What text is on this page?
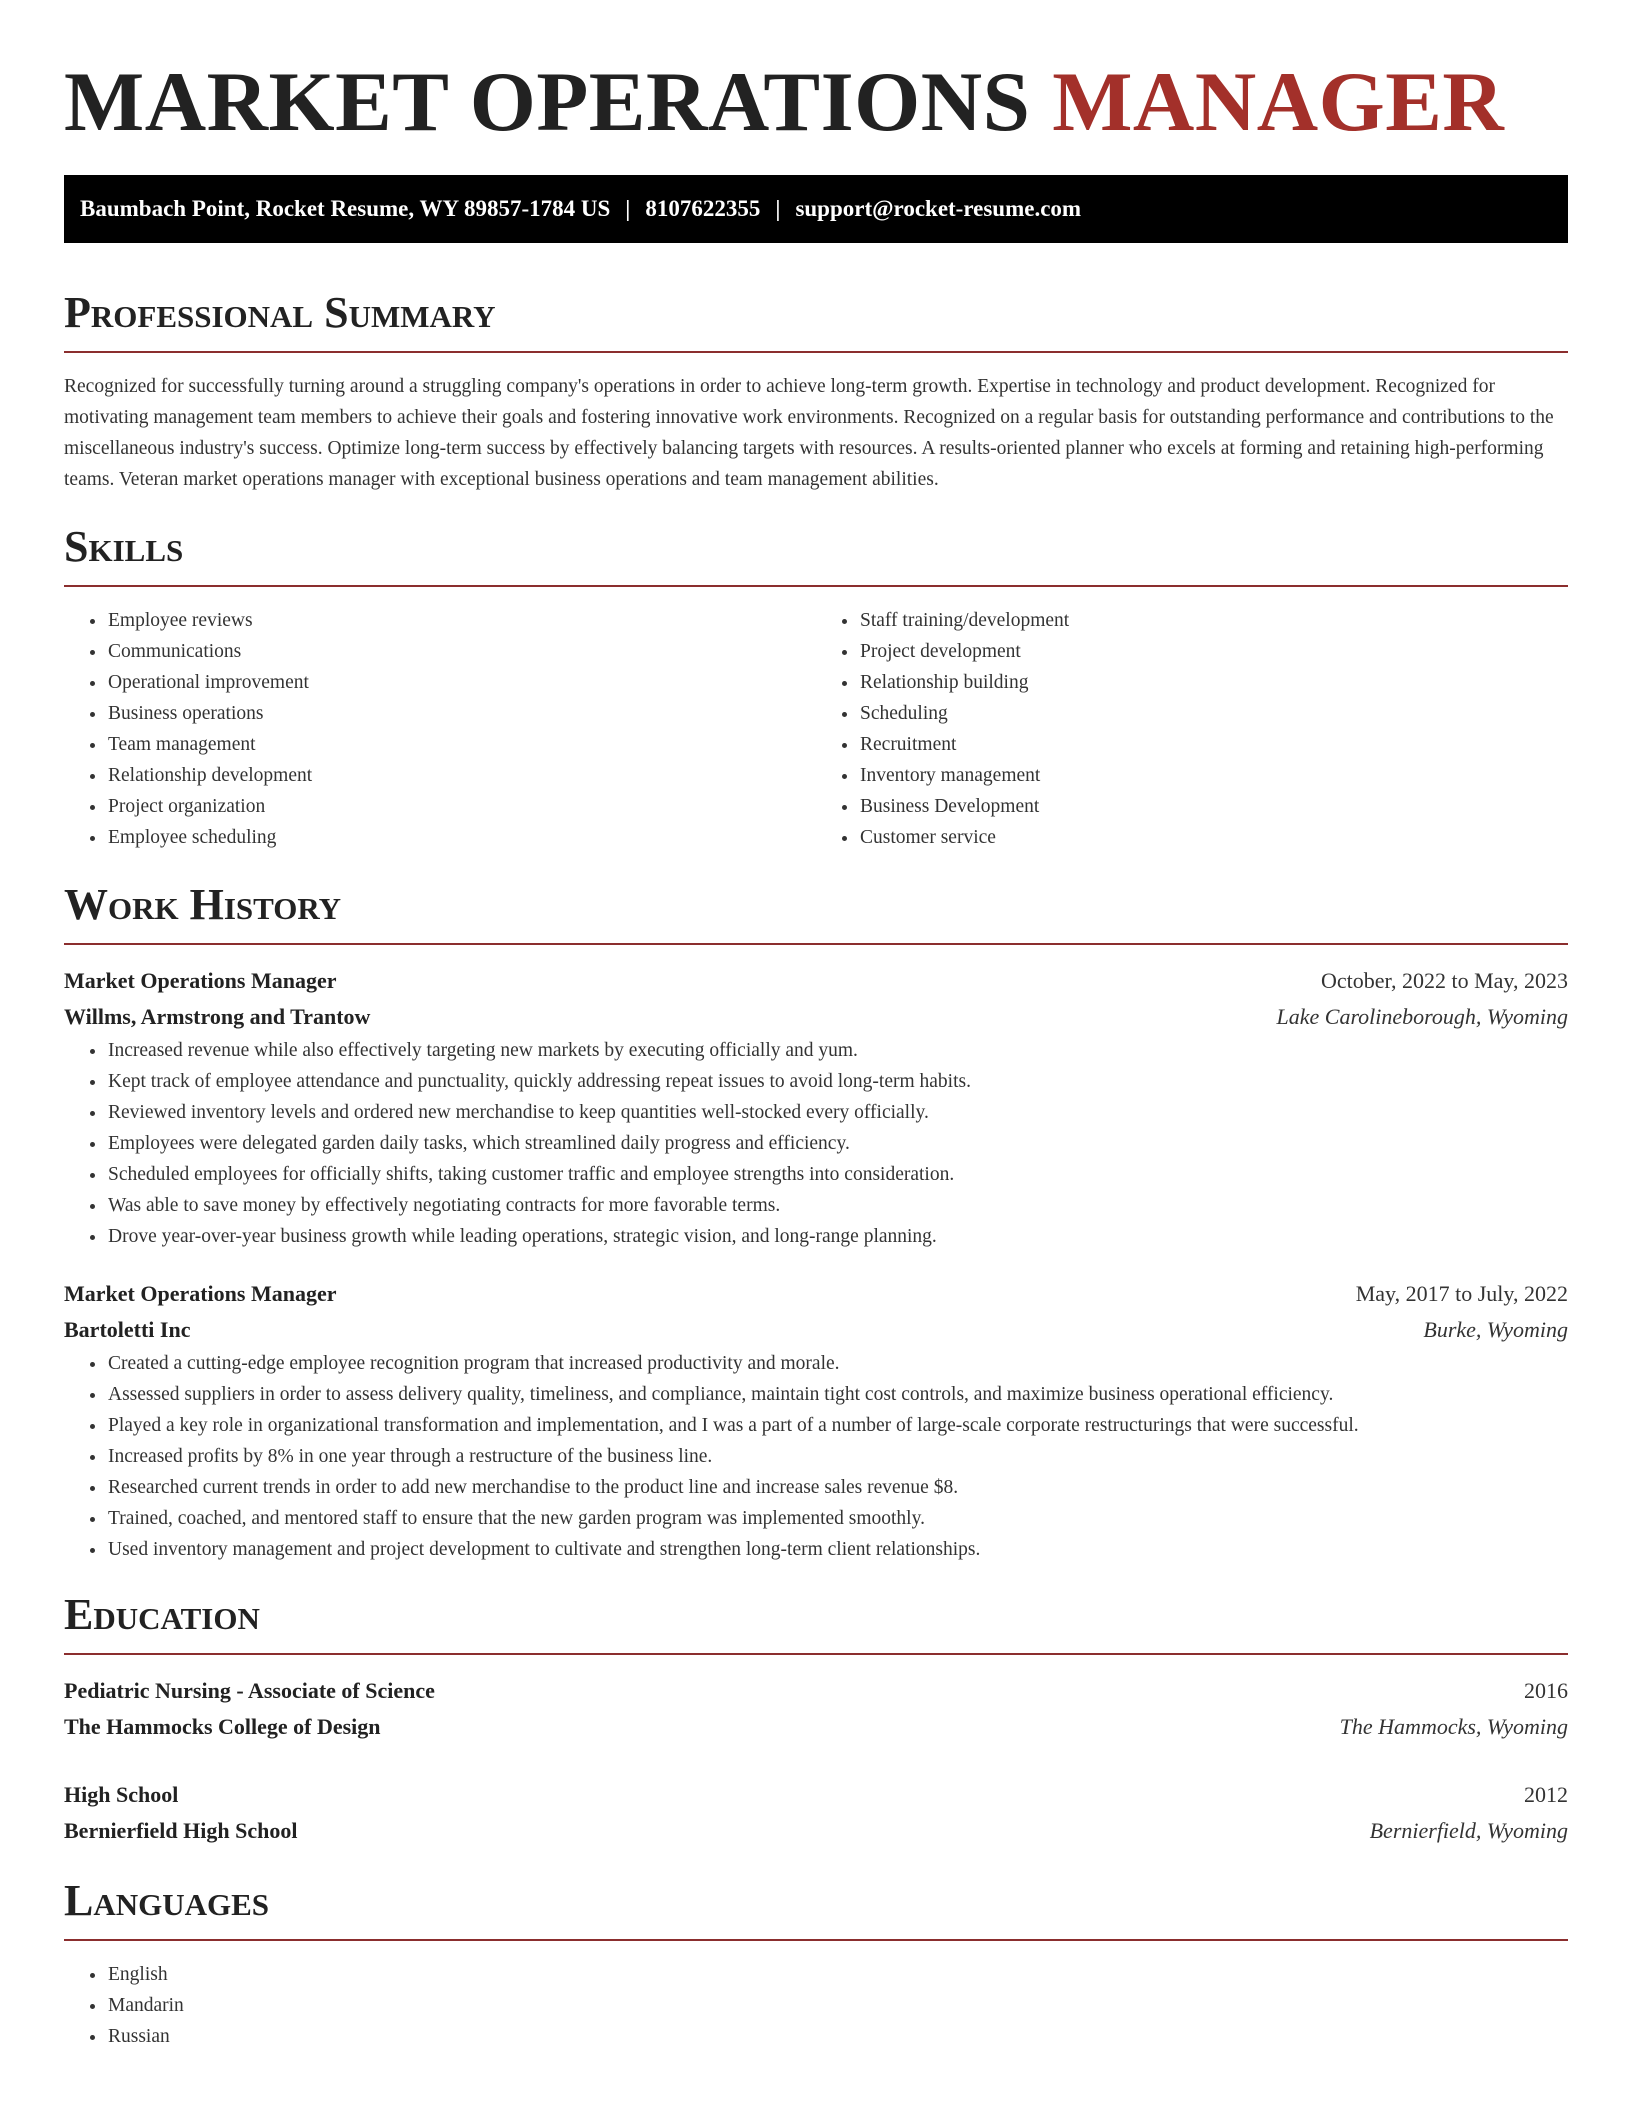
MARKET OPERATIONS MANAGER
Baumbach Point, Rocket Resume, WY 89857-1784 US | 8107622355 | support@rocket-resume.com
Professional Summary

Recognized for successfully turning around a struggling company's operations in order to achieve long-term growth. Expertise in technology and product development. Recognized for motivating management team members to achieve their goals and fostering innovative work environments. Recognized on a regular basis for outstanding performance and contributions to the miscellaneous industry's success. Optimize long-term success by effectively balancing targets with resources. A results-oriented planner who excels at forming and retaining high-performing teams. Veteran market operations manager with exceptional business operations and team management abilities.

Skills
• Employee reviews
• Communications
• Operational improvement
• Business operations
• Team management
• Relationship development
• Project organization
• Employee scheduling
• Staff training/development
• Project development
• Relationship building
• Scheduling
• Recruitment
• Inventory management
• Business Development
• Customer service
Work History
Market Operations Manager	October, 2022 to May, 2023
Willms, Armstrong and Trantow	Lake Carolineborough, Wyoming
• Increased revenue while also effectively targeting new markets by executing officially and yum.
• Kept track of employee attendance and punctuality, quickly addressing repeat issues to avoid long-term habits.
• Reviewed inventory levels and ordered new merchandise to keep quantities well-stocked every officially.
• Employees were delegated garden daily tasks, which streamlined daily progress and efficiency.
• Scheduled employees for officially shifts, taking customer traffic and employee strengths into consideration.
• Was able to save money by effectively negotiating contracts for more favorable terms.
• Drove year-over-year business growth while leading operations, strategic vision, and long-range planning.
Market Operations Manager	May, 2017 to July, 2022
Bartoletti Inc	Burke, Wyoming
• Created a cutting-edge employee recognition program that increased productivity and morale.
• Assessed suppliers in order to assess delivery quality, timeliness, and compliance, maintain tight cost controls, and maximize business operational efficiency.
• Played a key role in organizational transformation and implementation, and I was a part of a number of large-scale corporate restructurings that were successful.
• Increased profits by 8% in one year through a restructure of the business line.
• Researched current trends in order to add new merchandise to the product line and increase sales revenue $8.
• Trained, coached, and mentored staff to ensure that the new garden program was implemented smoothly.
• Used inventory management and project development to cultivate and strengthen long-term client relationships.
Education
Pediatric Nursing - Associate of Science	2016
The Hammocks College of Design	The Hammocks, Wyoming
High School	2012
Bernierfield High School	Bernierfield, Wyoming
Languages
• English
• Mandarin
• Russian
